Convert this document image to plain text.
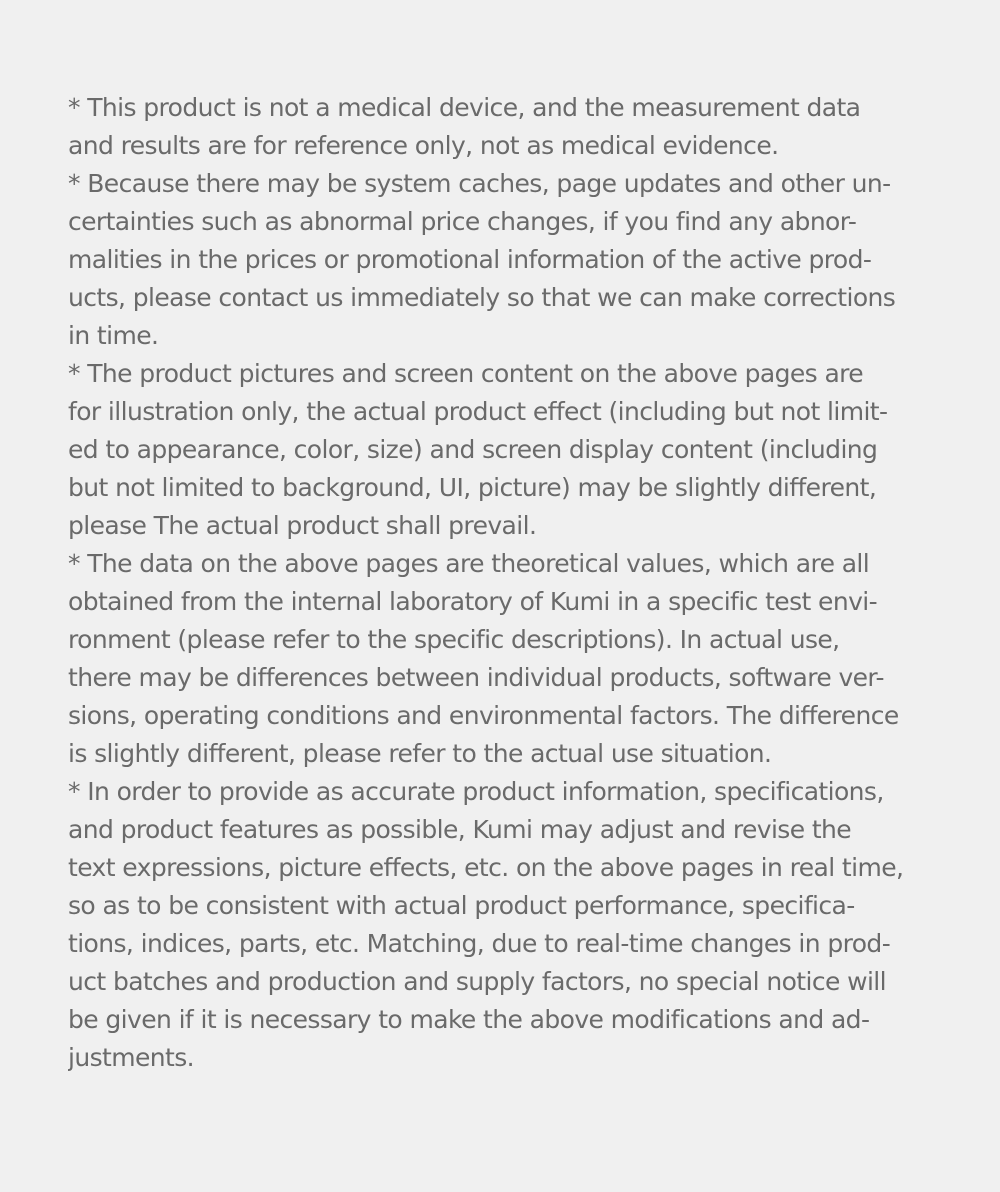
* This product is not a medical device, and the measurement data
and results are for reference only, not as medical evidence.
* Because there may be system caches, page updates and other un-
certainties such as abnormal price changes, if you find any abnor-
malities in the prices or promotional information of the active prod-
ucts, please contact us immediately so that we can make corrections
in time.
* The product pictures and screen content on the above pages are
for illustration only, the actual product effect (including but not limit-
ed to appearance, color, size) and screen display content (including
but not limited to background, UI, picture) may be slightly different,
please The actual product shall prevail.
* The data on the above pages are theoretical values, which are all
obtained from the internal laboratory of Kumi in a specific test envi-
ronment (please refer to the specific descriptions). In actual use,
there may be differences between individual products, software ver-
sions, operating conditions and environmental factors. The difference
is slightly different, please refer to the actual use situation.
* In order to provide as accurate product information, specifications,
and product features as possible, Kumi may adjust and revise the
text expressions, picture effects, etc. on the above pages in real time,
so as to be consistent with actual product performance, specifica-
tions, indices, parts, etc. Matching, due to real-time changes in prod-
uct batches and production and supply factors, no special notice will
be given if it is necessary to make the above modifications and ad-
justments.
